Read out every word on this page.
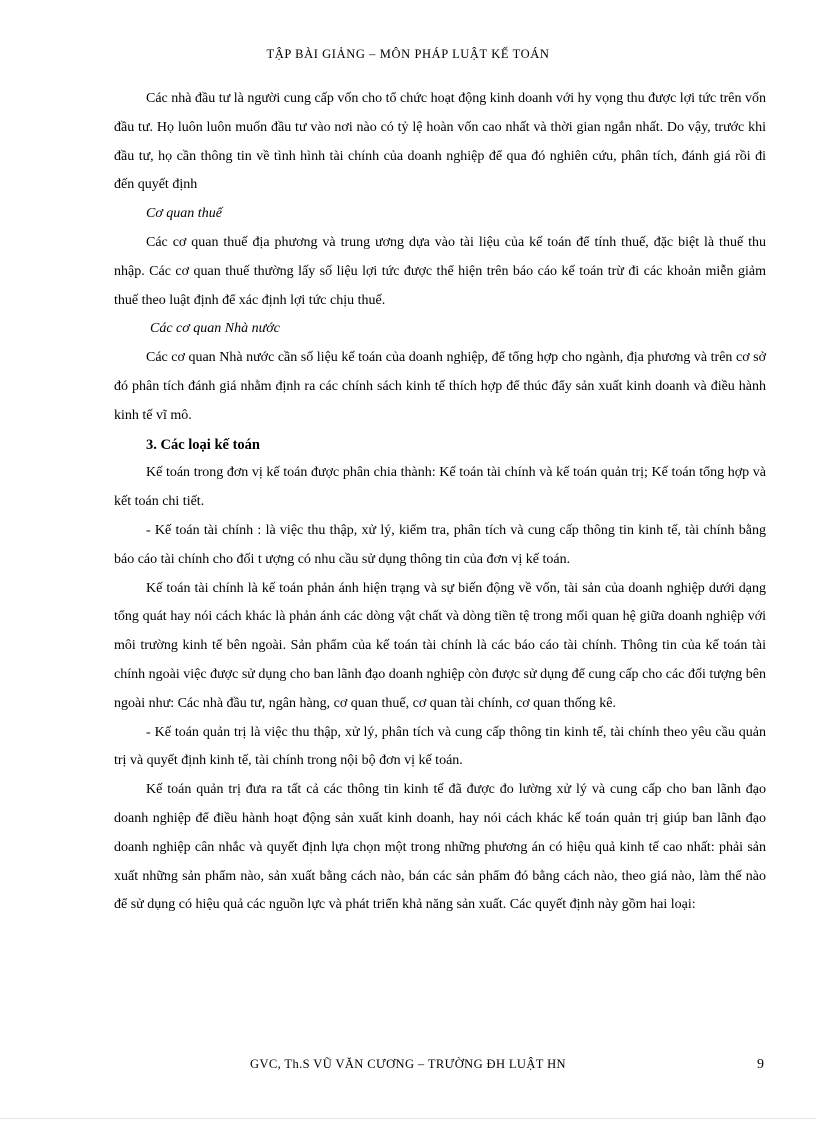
TẬP BÀI GIẢNG – MÔN PHÁP LUẬT KẾ TOÁN

Các nhà đầu tư là người cung cấp vốn cho tổ chức hoạt động kinh doanh với hy vọng thu được lợi tức trên vốn đầu tư. Họ luôn luôn muốn đầu tư vào nơi nào có tỷ lệ hoàn vốn cao nhất và thời gian ngắn nhất. Do vậy, trước khi đầu tư, họ cần thông tin về tình hình tài chính của doanh nghiệp để qua đó nghiên cứu, phân tích, đánh giá rồi đi đến quyết định

Cơ quan thuế

Các cơ quan thuế địa phương và trung ương dựa vào tài liệu của kế toán để tính thuế, đặc biệt là thuế thu nhập. Các cơ quan thuế thường lấy số liệu lợi tức được thể hiện trên báo cáo kế toán trừ đi các khoản miễn giảm thuế theo luật định để xác định lợi tức chịu thuế.

Các cơ quan Nhà nước

Các cơ quan Nhà nước cần số liệu kế toán của doanh nghiệp, để tổng hợp cho ngành, địa phương và trên cơ sở đó phân tích đánh giá nhằm định ra các chính sách kinh tế thích hợp để thúc đẩy sản xuất kinh doanh và điều hành kinh tế vĩ mô.

3. Các loại kế toán

Kế toán trong đơn vị kế toán được phân chia thành: Kế toán tài chính và kế toán quản trị; Kế toán tổng hợp và kết toán chi tiết.

- Kế toán tài chính : là việc thu thập, xử lý, kiểm tra, phân tích và cung cấp thông tin kinh tế, tài chính bằng báo cáo tài chính cho đối t ượng có nhu cầu sử dụng thông tin của đơn vị kế toán.

Kế toán tài chính là kế toán phản ánh hiện trạng và sự biến động về vốn, tài sản của doanh nghiệp dưới dạng tổng quát hay nói cách khác là phản ánh các dòng vật chất và dòng tiền tệ trong mối quan hệ giữa doanh nghiệp với môi trường kinh tế bên ngoài. Sản phẩm của kế toán tài chính là các báo cáo tài chính. Thông tin của kế toán tài chính ngoài việc được sử dụng cho ban lãnh đạo doanh nghiệp còn được sử dụng để cung cấp cho các đối tượng bên ngoài như: Các nhà đầu tư, ngân hàng, cơ quan thuế, cơ quan tài chính, cơ quan thống kê.

- Kế toán quản trị là việc thu thập, xử lý, phân tích và cung cấp thông tin kinh tế, tài chính theo yêu cầu quản trị và quyết định kinh tế, tài chính trong nội bộ đơn vị kế toán.

Kế toán quản trị đưa ra tất cả các thông tin kinh tế đã được đo lường xử lý và cung cấp cho ban lãnh đạo doanh nghiệp để điều hành hoạt động sản xuất kinh doanh, hay nói cách khác kế toán quản trị giúp ban lãnh đạo doanh nghiệp cân nhắc và quyết định lựa chọn một trong những phương án có hiệu quả kinh tế cao nhất: phải sản xuất những sản phẩm nào, sản xuất bằng cách nào, bán các sản phẩm đó bằng cách nào, theo giá nào, làm thế nào để sử dụng có hiệu quả các nguồn lực và phát triển khả năng sản xuất. Các quyết định này gồm hai loại:

GVC, Th.S VŨ VĂN CƯƠNG – TRƯỜNG ĐH LUẬT HN	9
